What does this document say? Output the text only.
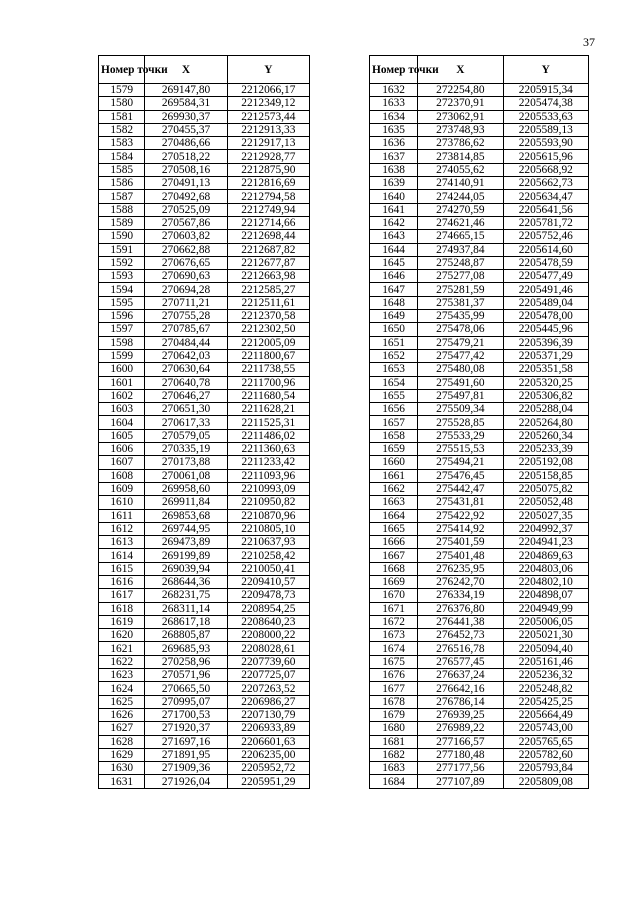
37
Номер точки	X	Y
1579	269147,80	2212066,17
1580	269584,31	2212349,12
1581	269930,37	2212573,44
1582	270455,37	2212913,33
1583	270486,66	2212917,13
1584	270518,22	2212928,77
1585	270508,16	2212875,90
1586	270491,13	2212816,69
1587	270492,68	2212794,58
1588	270525,09	2212749,94
1589	270567,86	2212714,66
1590	270603,82	2212698,44
1591	270662,88	2212687,82
1592	270676,65	2212677,87
1593	270690,63	2212663,98
1594	270694,28	2212585,27
1595	270711,21	2212511,61
1596	270755,28	2212370,58
1597	270785,67	2212302,50
1598	270484,44	2212005,09
1599	270642,03	2211800,67
1600	270630,64	2211738,55
1601	270640,78	2211700,96
1602	270646,27	2211680,54
1603	270651,30	2211628,21
1604	270617,33	2211525,31
1605	270579,05	2211486,02
1606	270335,19	2211360,63
1607	270173,88	2211233,42
1608	270061,08	2211093,96
1609	269958,60	2210993,09
1610	269911,84	2210950,82
1611	269853,68	2210870,96
1612	269744,95	2210805,10
1613	269473,89	2210637,93
1614	269199,89	2210258,42
1615	269039,94	2210050,41
1616	268644,36	2209410,57
1617	268231,75	2209478,73
1618	268311,14	2208954,25
1619	268617,18	2208640,23
1620	268805,87	2208000,22
1621	269685,93	2208028,61
1622	270258,96	2207739,60
1623	270571,96	2207725,07
1624	270665,50	2207263,52
1625	270995,07	2206986,27
1626	271700,53	2207130,79
1627	271920,37	2206933,89
1628	271697,16	2206601,63
1629	271891,95	2206235,00
1630	271909,36	2205952,72
1631	271926,04	2205951,29
Номер точки	X	Y
1632	272254,80	2205915,34
1633	272370,91	2205474,38
1634	273062,91	2205533,63
1635	273748,93	2205589,13
1636	273786,62	2205593,90
1637	273814,85	2205615,96
1638	274055,62	2205668,92
1639	274140,91	2205662,73
1640	274244,05	2205634,47
1641	274270,59	2205641,56
1642	274621,46	2205781,72
1643	274665,15	2205752,46
1644	274937,84	2205614,60
1645	275248,87	2205478,59
1646	275277,08	2205477,49
1647	275281,59	2205491,46
1648	275381,37	2205489,04
1649	275435,99	2205478,00
1650	275478,06	2205445,96
1651	275479,21	2205396,39
1652	275477,42	2205371,29
1653	275480,08	2205351,58
1654	275491,60	2205320,25
1655	275497,81	2205306,82
1656	275509,34	2205288,04
1657	275528,85	2205264,80
1658	275533,29	2205260,34
1659	275515,53	2205233,39
1660	275494,21	2205192,08
1661	275476,45	2205158,85
1662	275442,47	2205075,82
1663	275431,81	2205052,48
1664	275422,92	2205027,35
1665	275414,92	2204992,37
1666	275401,59	2204941,23
1667	275401,48	2204869,63
1668	276235,95	2204803,06
1669	276242,70	2204802,10
1670	276334,19	2204898,07
1671	276376,80	2204949,99
1672	276441,38	2205006,05
1673	276452,73	2205021,30
1674	276516,78	2205094,40
1675	276577,45	2205161,46
1676	276637,24	2205236,32
1677	276642,16	2205248,82
1678	276786,14	2205425,25
1679	276939,25	2205664,49
1680	276989,22	2205743,00
1681	277166,57	2205765,65
1682	277180,48	2205782,60
1683	277177,56	2205793,84
1684	277107,89	2205809,08
